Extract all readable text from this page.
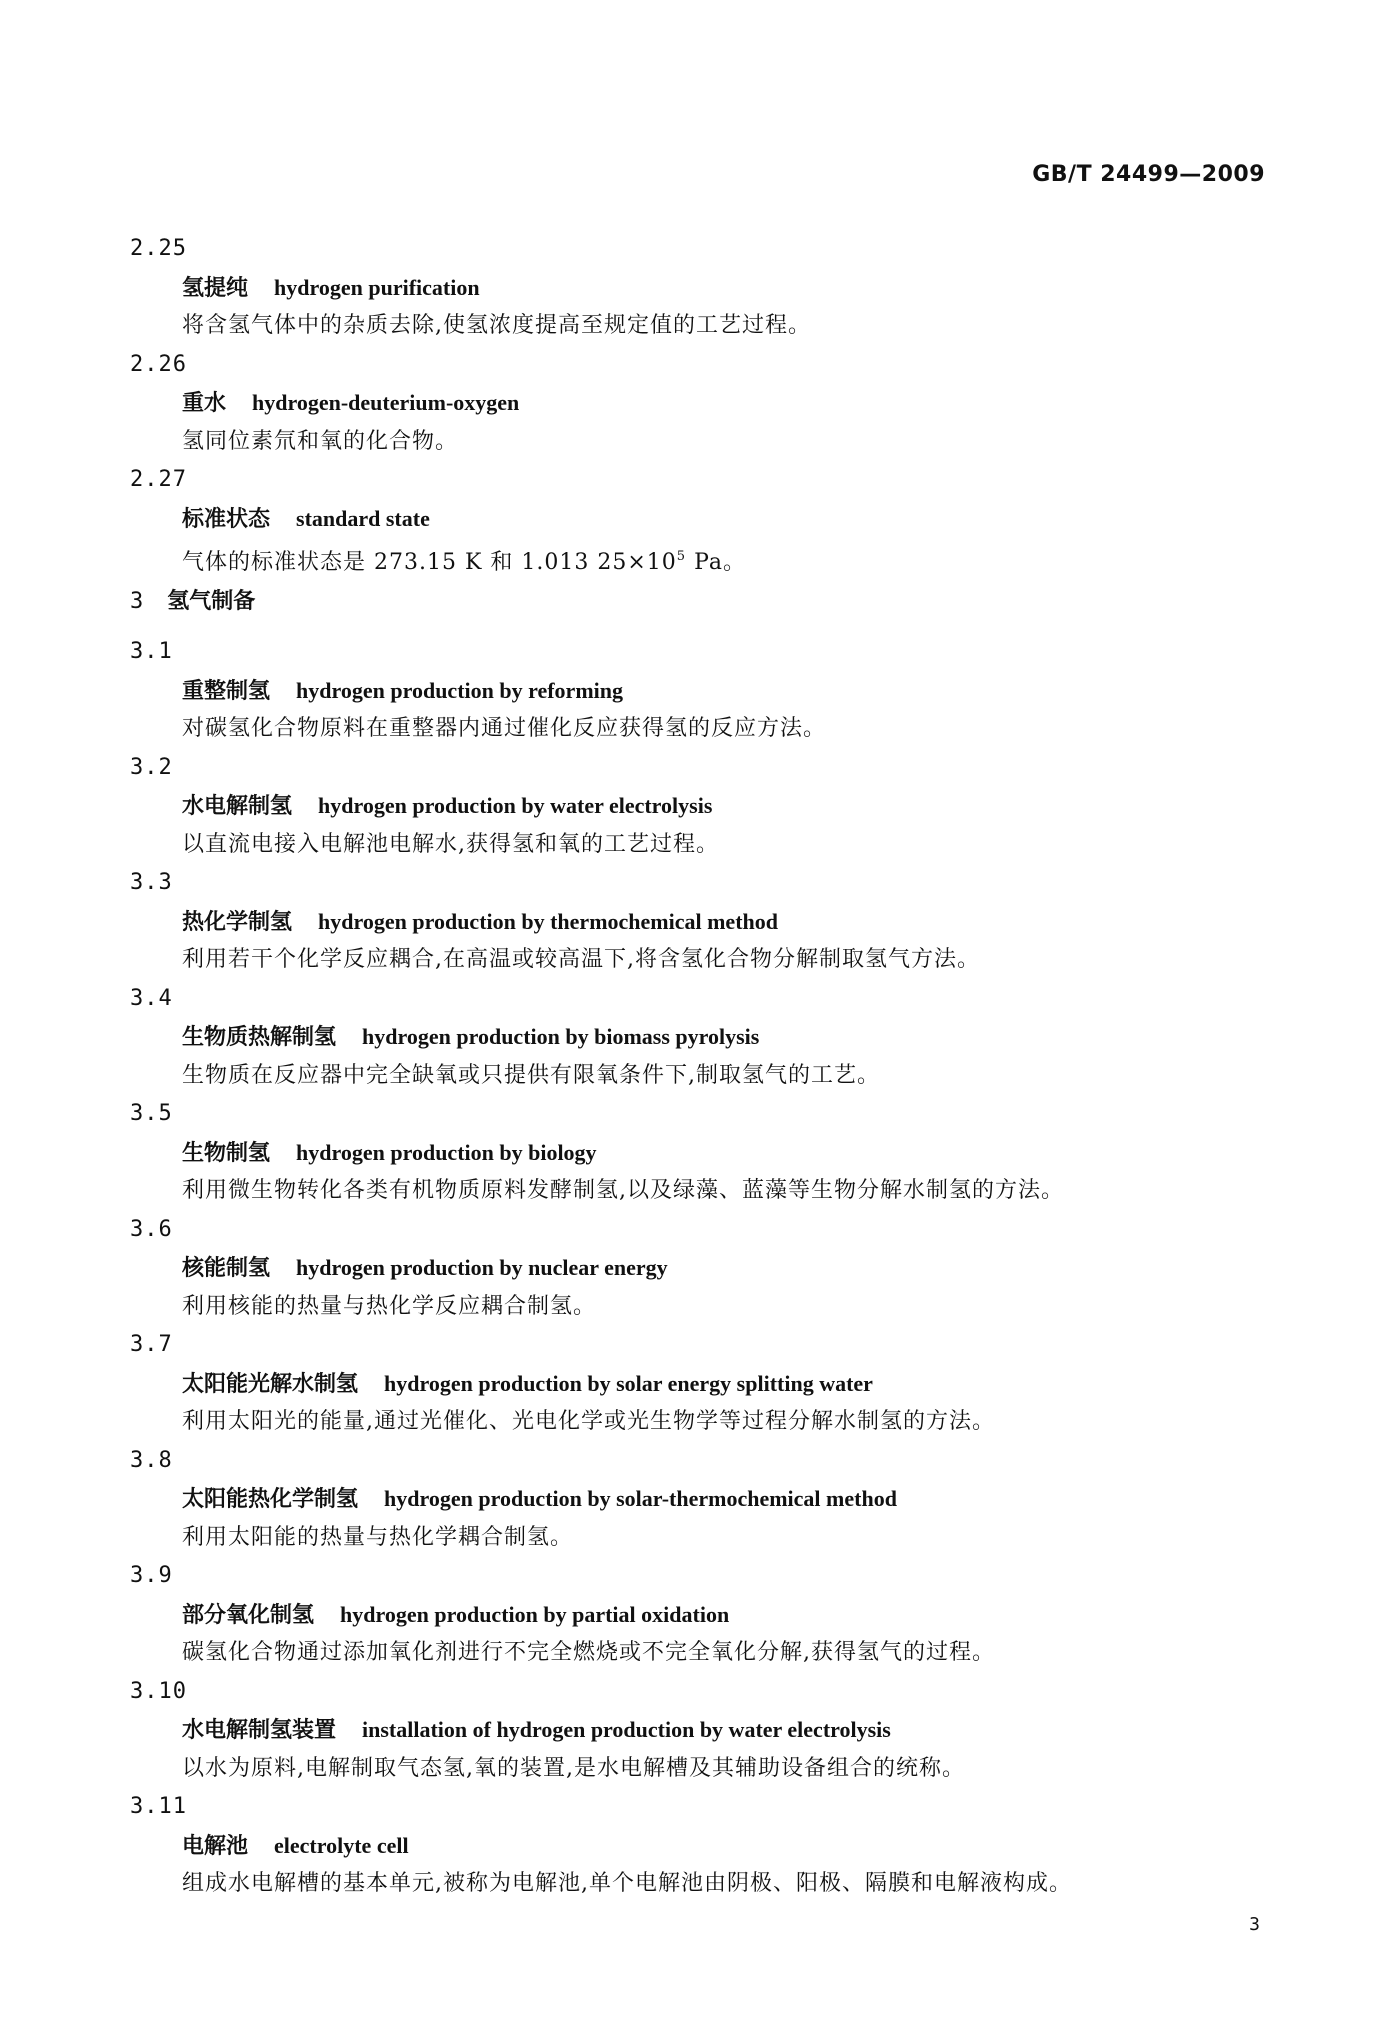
GB/T 24499—2009
2.25
氢提纯 hydrogen purification
将含氢气体中的杂质去除,使氢浓度提高至规定值的工艺过程。
2.26
重水 hydrogen-deuterium-oxygen
氢同位素氘和氧的化合物。
2.27
标准状态 standard state
气体的标准状态是 273.15 K 和 1.013 $25\times 10^5$ Pa。
3 氢气制备
3.1
重整制氢 hydrogen production by reforming
对碳氢化合物原料在重整器内通过催化反应获得氢的反应方法。
3.2
水电解制氢 hydrogen production by water electrolysis
以直流电接入电解池电解水,获得氢和氧的工艺过程。
3.3
热化学制氢 hydrogen production by thermochemical method
利用若干个化学反应耦合,在高温或较高温下,将含氢化合物分解制取氢气方法。
3.4
生物质热解制氢 hydrogen production by biomass pyrolysis
生物质在反应器中完全缺氧或只提供有限氧条件下,制取氢气的工艺。
3.5
生物制氢 hydrogen production by biology
利用微生物转化各类有机物质原料发酵制氢,以及绿藻、蓝藻等生物分解水制氢的方法。
3.6
核能制氢 hydrogen production by nuclear energy
利用核能的热量与热化学反应耦合制氢。
3.7
太阳能光解水制氢 hydrogen production by solar energy splitting water
利用太阳光的能量,通过光催化、光电化学或光生物学等过程分解水制氢的方法。
3.8
太阳能热化学制氢 hydrogen production by solar-thermochemical method
利用太阳能的热量与热化学耦合制氢。
3.9
部分氧化制氢 hydrogen production by partial oxidation
碳氢化合物通过添加氧化剂进行不完全燃烧或不完全氧化分解,获得氢气的过程。
3.10
水电解制氢装置 installation of hydrogen production by water electrolysis
以水为原料,电解制取气态氢,氧的装置,是水电解槽及其辅助设备组合的统称。
3.11
电解池 electrolyte cell
组成水电解槽的基本单元,被称为电解池,单个电解池由阴极、阳极、隔膜和电解液构成。
3
